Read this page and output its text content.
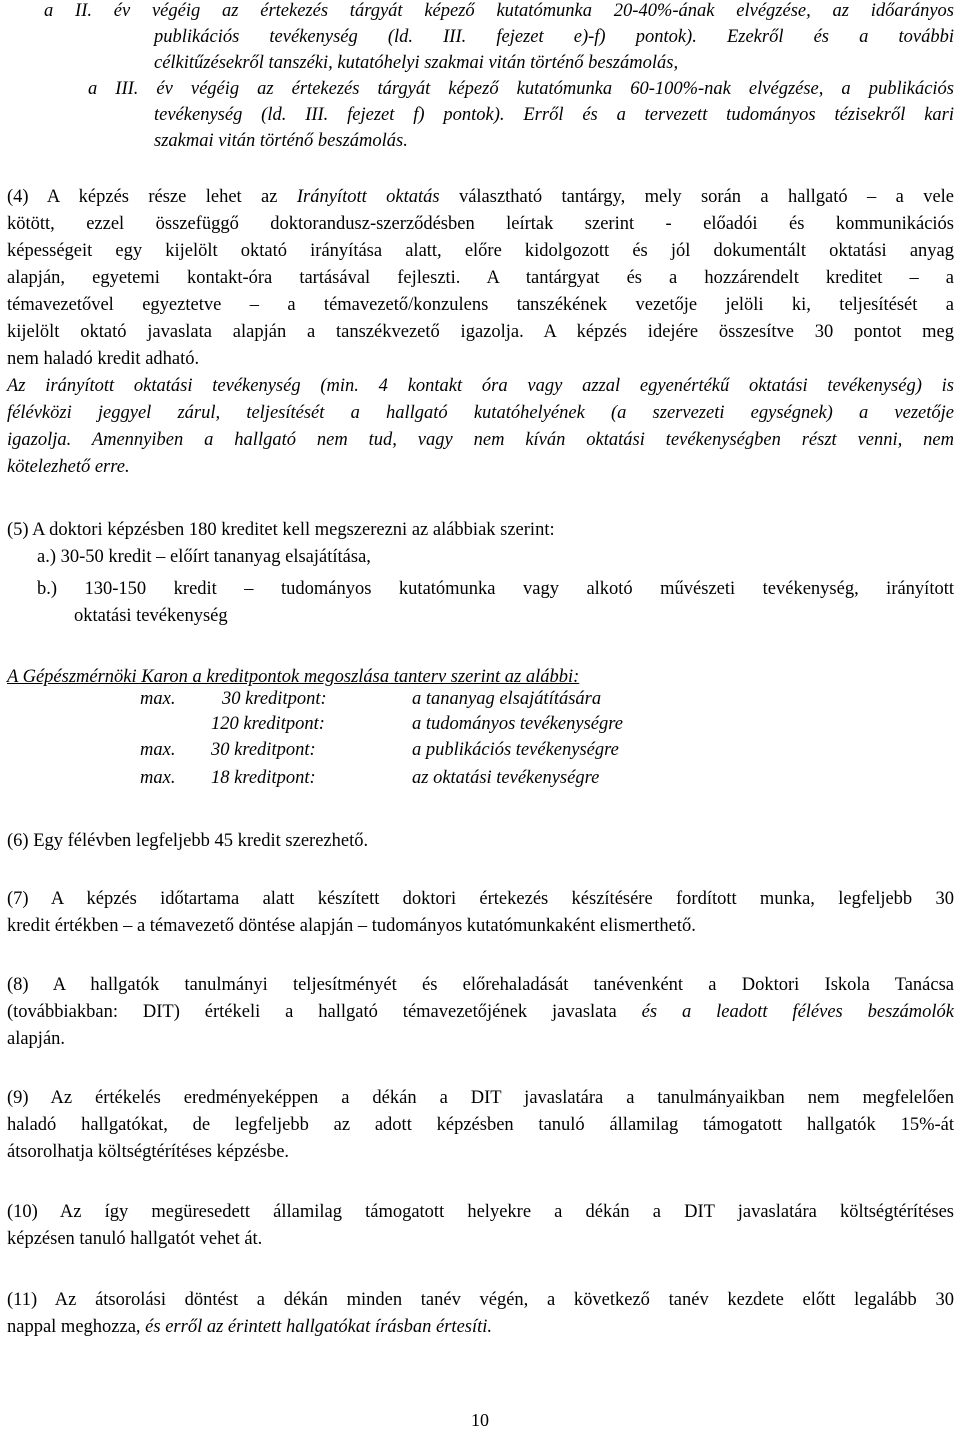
a II. év végéig az értekezés tárgyát képező kutatómunka 20-40%-ának elvégzése, az időarányos
publikációs tevékenység (ld. III. fejezet e)-f) pontok). Ezekről és a további
célkitűzésekről tanszéki, kutatóhelyi szakmai vitán történő beszámolás,
a III. év végéig az értekezés tárgyát képező kutatómunka 60-100%-nak elvégzése, a publikációs
tevékenység (ld. III. fejezet f) pontok). Erről és a tervezett tudományos tézisekről kari
szakmai vitán történő beszámolás.
(4) A képzés része lehet az Irányított oktatás választható tantárgy, mely során a hallgató – a vele
kötött, ezzel összefüggő doktorandusz-szerződésben leírtak szerint - előadói és kommunikációs
képességeit egy kijelölt oktató irányítása alatt, előre kidolgozott és jól dokumentált oktatási anyag
alapján, egyetemi kontakt-óra tartásával fejleszti. A tantárgyat és a hozzárendelt kreditet – a
témavezetővel egyeztetve – a témavezető/konzulens tanszékének vezetője jelöli ki, teljesítését a
kijelölt oktató javaslata alapján a tanszékvezető igazolja. A képzés idejére összesítve 30 pontot meg
nem haladó kredit adható.
Az irányított oktatási tevékenység (min. 4 kontakt óra vagy azzal egyenértékű oktatási tevékenység) is
félévközi jeggyel zárul, teljesítését a hallgató kutatóhelyének (a szervezeti egységnek) a vezetője
igazolja. Amennyiben a hallgató nem tud, vagy nem kíván oktatási tevékenységben részt venni, nem
kötelezhető erre.
(5) A doktori képzésben 180 kreditet kell megszerezni az alábbiak szerint:
a.) 30-50 kredit – előírt tananyag elsajátítása,
b.) 130-150 kredit – tudományos kutatómunka vagy alkotó művészeti tevékenység, irányított
oktatási tevékenység
A Gépészmérnöki Karon a kreditpontok megoszlása tanterv szerint az alábbi:
max.	30 kreditpont:	a tananyag elsajátítására
120 kreditpont:	a tudományos tevékenységre
max. 30 kreditpont:	a publikációs tevékenységre
max. 18 kreditpont:	az oktatási tevékenységre
(6) Egy félévben legfeljebb 45 kredit szerezhető.
(7) A képzés időtartama alatt készített doktori értekezés készítésére fordított munka, legfeljebb 30
kredit értékben – a témavezető döntése alapján – tudományos kutatómunkaként elismerthető.
(8) A hallgatók tanulmányi teljesítményét és előrehaladását tanévenként a Doktori Iskola Tanácsa
(továbbiakban: DIT) értékeli a hallgató témavezetőjének javaslata és a leadott féléves beszámolók
alapján.
(9) Az értékelés eredményeképpen a dékán a DIT javaslatára a tanulmányaikban nem megfelelően
haladó hallgatókat, de legfeljebb az adott képzésben tanuló államilag támogatott hallgatók 15%-át
átsorolhatja költségtérítéses képzésbe.
(10) Az így megüresedett államilag támogatott helyekre a dékán a DIT javaslatára költségtérítéses
képzésen tanuló hallgatót vehet át.
(11) Az átsorolási döntést a dékán minden tanév végén, a következő tanév kezdete előtt legalább 30
nappal meghozza, és erről az érintett hallgatókat írásban értesíti.
10
